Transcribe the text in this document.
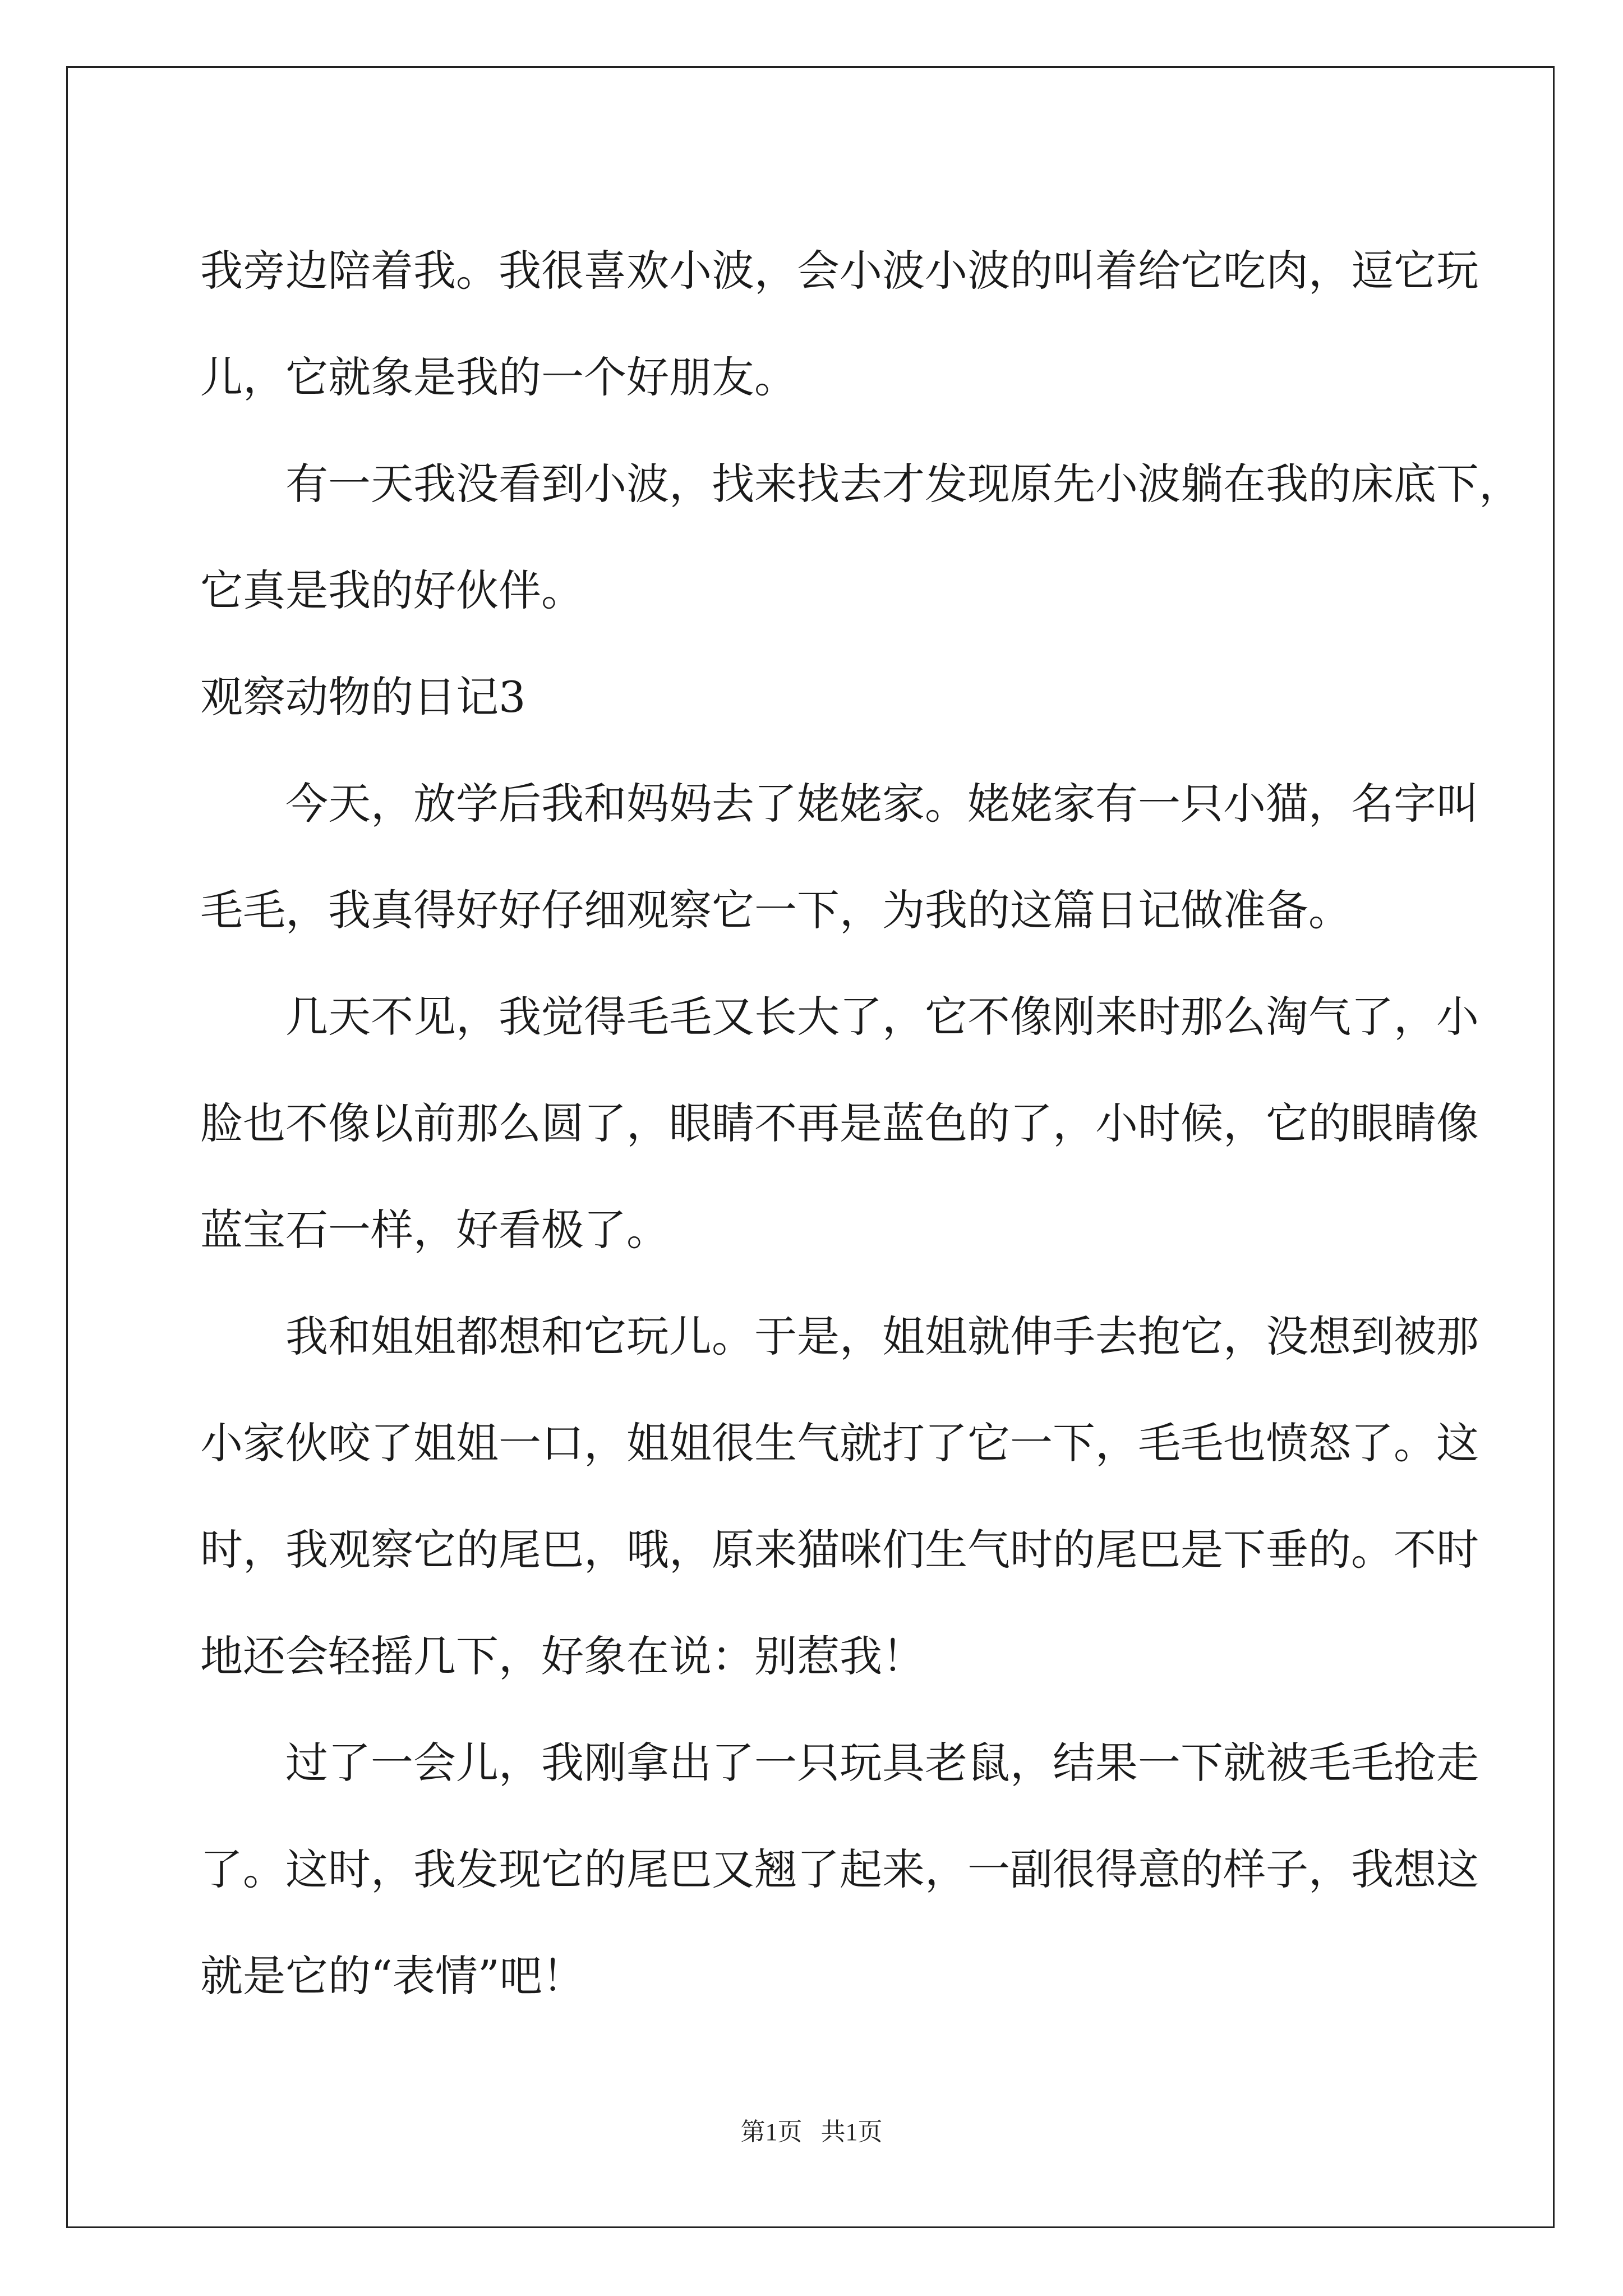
我旁边陪着我。我很喜欢小波，会小波小波的叫着给它吃肉，逗它玩

儿，它就象是我的一个好朋友。

有一天我没看到小波，找来找去才发现原先小波躺在我的床底下，

它真是我的好伙伴。

观察动物的日记3

今天，放学后我和妈妈去了姥姥家。姥姥家有一只小猫，名字叫

毛毛，我真得好好仔细观察它一下，为我的这篇日记做准备。

几天不见，我觉得毛毛又长大了，它不像刚来时那么淘气了，小

脸也不像以前那么圆了，眼睛不再是蓝色的了，小时候，它的眼睛像

蓝宝石一样，好看极了。

我和姐姐都想和它玩儿。于是，姐姐就伸手去抱它，没想到被那

小家伙咬了姐姐一口，姐姐很生气就打了它一下，毛毛也愤怒了。这

时，我观察它的尾巴，哦，原来猫咪们生气时的尾巴是下垂的。不时

地还会轻摇几下，好象在说：别惹我！

过了一会儿，我刚拿出了一只玩具老鼠，结果一下就被毛毛抢走

了。这时，我发现它的尾巴又翘了起来，一副很得意的样子，我想这

就是它的“表情”吧！

第1页   共1页
